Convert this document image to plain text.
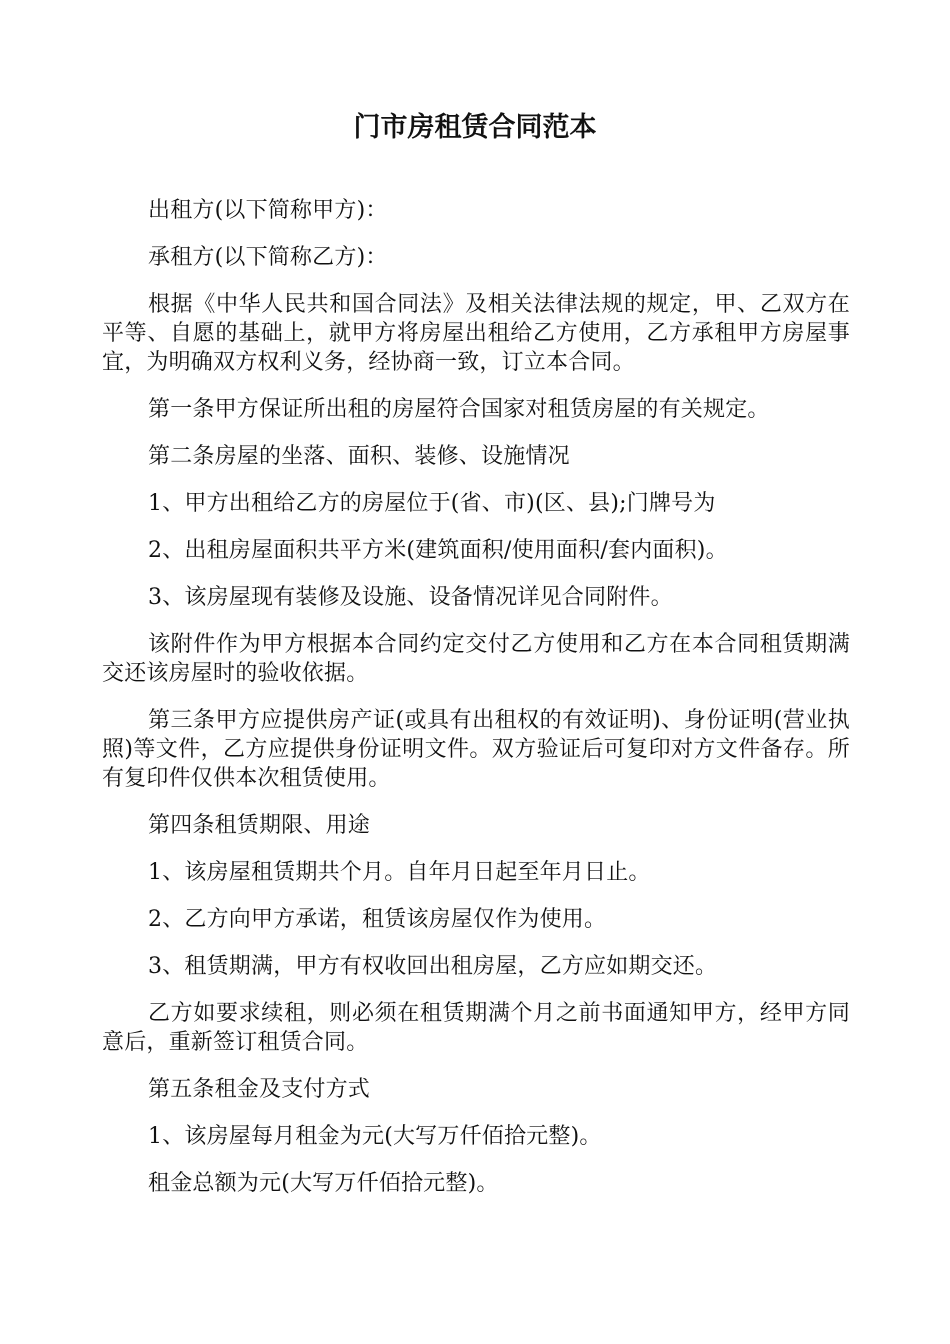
门市房租赁合同范本

出租方(以下简称甲方)：

承租方(以下简称乙方)：

根据《中华人民共和国合同法》及相关法律法规的规定，甲、乙双方在平等、自愿的基础上，就甲方将房屋出租给乙方使用，乙方承租甲方房屋事宜，为明确双方权利义务，经协商一致，订立本合同。

第一条甲方保证所出租的房屋符合国家对租赁房屋的有关规定。

第二条房屋的坐落、面积、装修、设施情况

1、甲方出租给乙方的房屋位于(省、市)(区、县);门牌号为

2、出租房屋面积共平方米(建筑面积/使用面积/套内面积)。

3、该房屋现有装修及设施、设备情况详见合同附件。

该附件作为甲方根据本合同约定交付乙方使用和乙方在本合同租赁期满交还该房屋时的验收依据。

第三条甲方应提供房产证(或具有出租权的有效证明)、身份证明(营业执照)等文件，乙方应提供身份证明文件。双方验证后可复印对方文件备存。所有复印件仅供本次租赁使用。

第四条租赁期限、用途

1、该房屋租赁期共个月。自年月日起至年月日止。

2、乙方向甲方承诺，租赁该房屋仅作为使用。

3、租赁期满，甲方有权收回出租房屋，乙方应如期交还。

乙方如要求续租，则必须在租赁期满个月之前书面通知甲方，经甲方同意后，重新签订租赁合同。

第五条租金及支付方式

1、该房屋每月租金为元(大写万仟佰拾元整)。

租金总额为元(大写万仟佰拾元整)。
